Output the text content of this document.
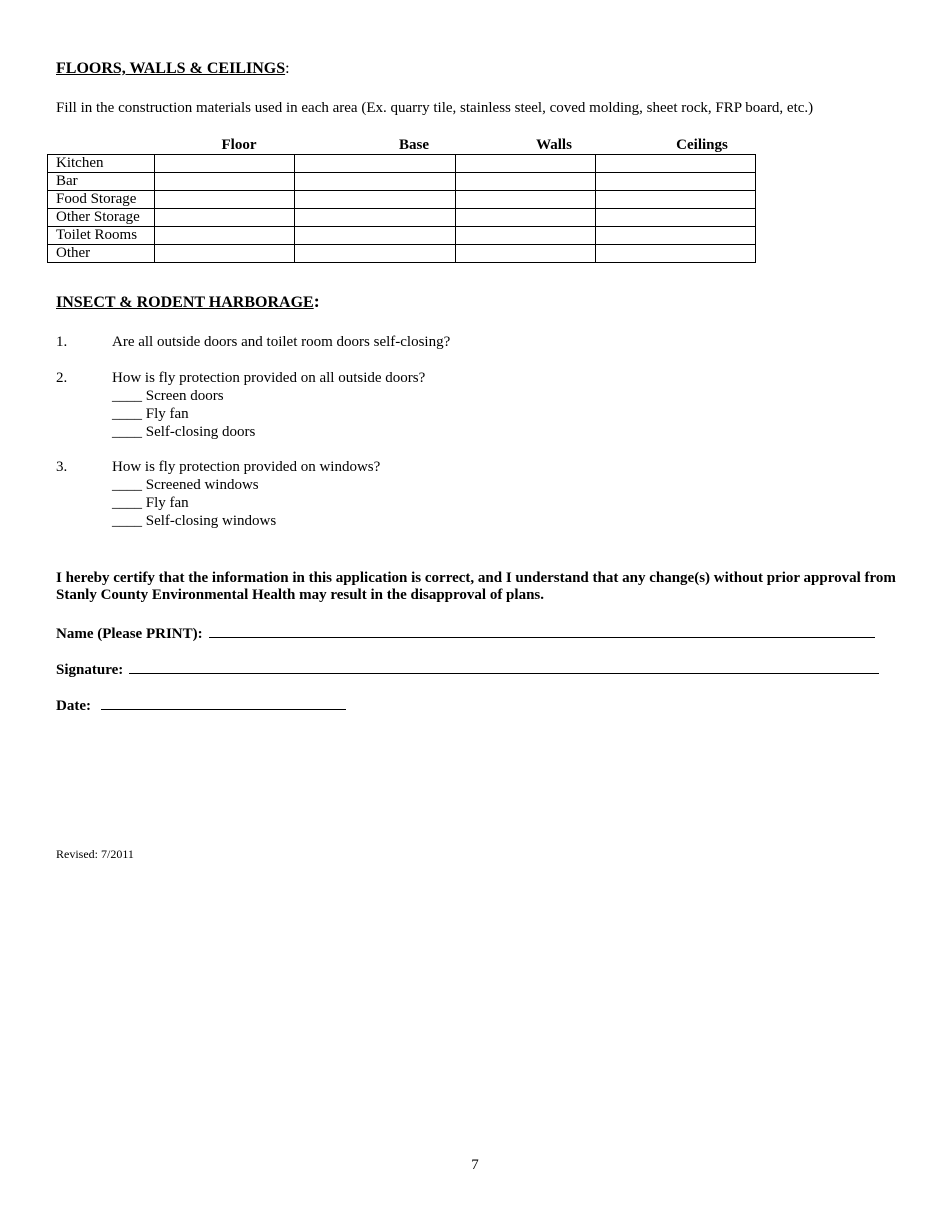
FLOORS, WALLS & CEILINGS:
Fill in the construction materials used in each area (Ex. quarry tile, stainless steel, coved molding, sheet rock, FRP board, etc.)
Floor	Base	Walls	Ceilings
Kitchen				
Bar				
Food Storage				
Other Storage				
Toilet Rooms				
Other				
INSECT & RODENT HARBORAGE:
1.	Are all outside doors and toilet room doors self-closing?
2.	How is fly protection provided on all outside doors?
____ Screen doors
____ Fly fan
____ Self-closing doors
3.	How is fly protection provided on windows?
____ Screened windows
____ Fly fan
____ Self-closing windows
I hereby certify that the information in this application is correct, and I understand that any change(s) without prior approval from Stanly County Environmental Health may result in the disapproval of plans.
Name (Please PRINT):
Signature:
Date:
Revised: 7/2011
7
